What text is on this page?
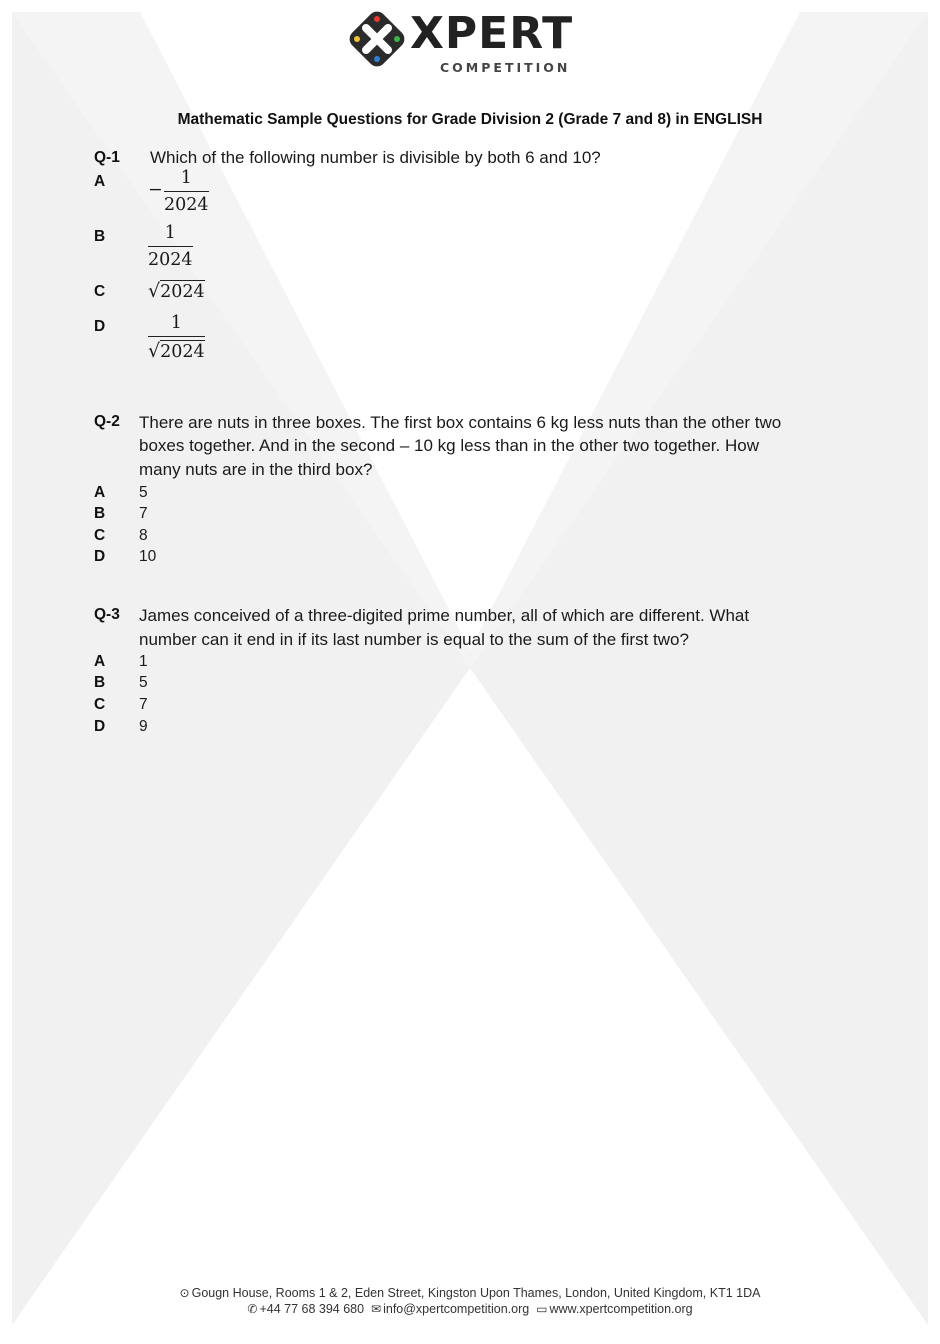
XPERT
COMPETITION
Mathematic Sample Questions for Grade Division 2 (Grade 7 and 8) in ENGLISH
Q-1 Which of the following number is divisible by both 6 and 10?
$A - \frac{1}{2024}$
B $\frac{1}{2024}$
C √2024
D $\frac{1}{√2024}$
Q-2 There are nuts in three boxes. The first box contains 6 kg less nuts than the other two
boxes together. And in the second – 10 kg less than in the other two together. How
many nuts are in the third box?
A 5
B 7
C 8
D 10
Q-3 James conceived of a three-digited prime number, all of which are different. What
number can it end in if its last number is equal to the sum of the first two?
A 1
B 5
C 7
D 9
⊙ Gougn House, Rooms 1 & 2, Eden Street, Kingston Upon Thames, London, United Kingdom, KT1 1DA
✆ +44 77 68 394 680 ✉ info@xpertcompetition.org ▭ www.xpertcompetition.org
